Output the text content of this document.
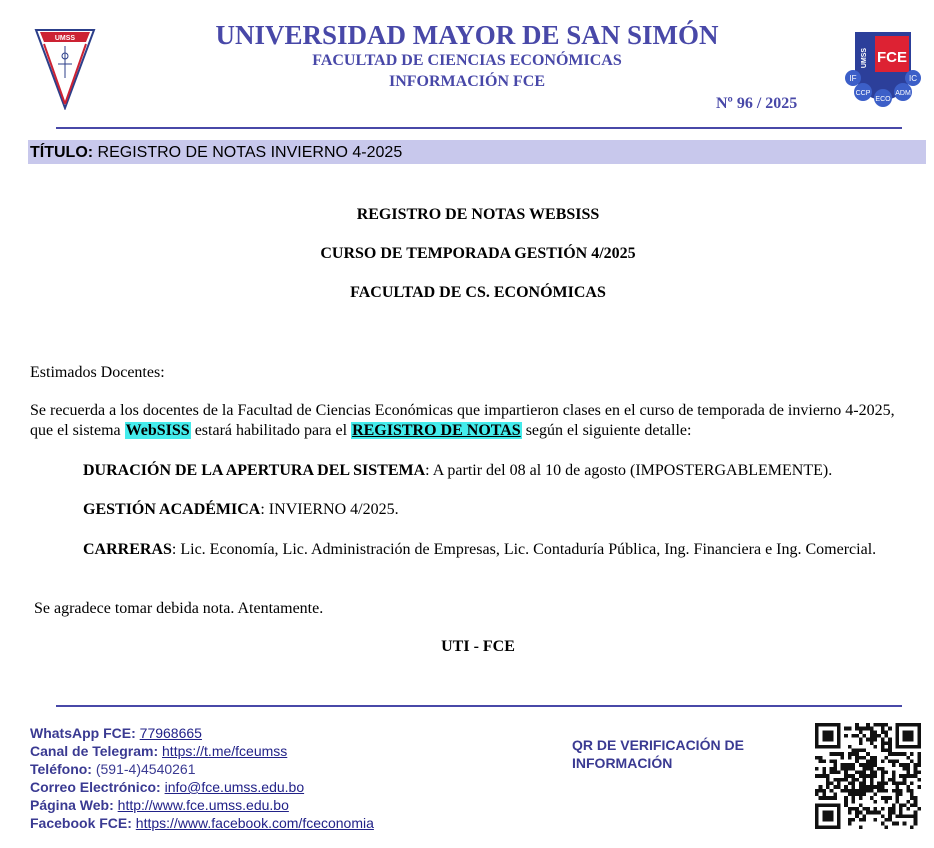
UMSS	UNIVERSIDAD MAYOR DE SAN SIMÓN
FACULTAD DE CIENCIAS ECONÓMICAS
INFORMACIÓN FCE
Nº 96 / 2025
FCE
UMSS
IF	IC
CCP
ECO
ADM
TÍTULO: REGISTRO DE NOTAS INVIERNO 4-2025
REGISTRO DE NOTAS WEBSISS
CURSO DE TEMPORADA GESTIÓN 4/2025
FACULTAD DE CS. ECONÓMICAS
Estimados Docentes:
Se recuerda a los docentes de la Facultad de Ciencias Económicas que impartieron clases en el curso de temporada de invierno 4-2025, que el sistema WebSISS estará habilitado para el REGISTRO DE NOTAS según el siguiente detalle:
DURACIÓN DE LA APERTURA DEL SISTEMA: A partir del 08 al 10 de agosto (IMPOSTERGABLEMENTE).
GESTIÓN ACADÉMICA: INVIERNO 4/2025.
CARRERAS: Lic. Economía, Lic. Administración de Empresas, Lic. Contaduría Pública, Ing. Financiera e Ing. Comercial.
Se agradece tomar debida nota. Atentamente.
UTI - FCE
WhatsApp FCE: 77968665
Canal de Telegram: https://t.me/fceumss
Teléfono: (591-4)4540261
Correo Electrónico: info@fce.umss.edu.bo
Página Web: http://www.fce.umss.edu.bo
Facebook FCE: https://www.facebook.com/fceconomia
QR DE VERIFICACIÓN DE INFORMACIÓN
